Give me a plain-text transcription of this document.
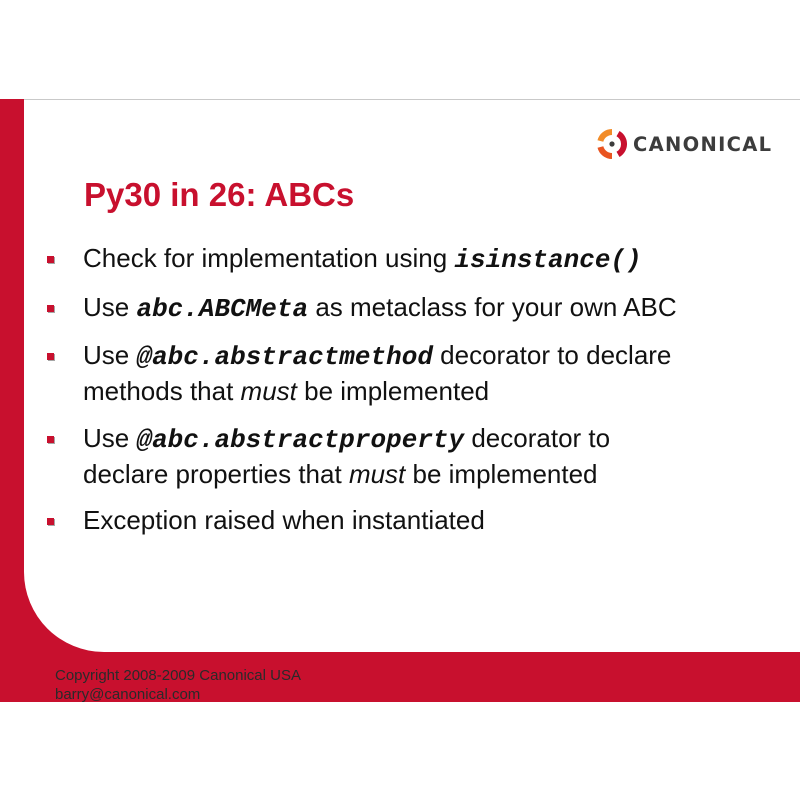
CANONICAL
Py30 in 26: ABCs
Check for implementation using isinstance()
Use abc.ABCMeta as metaclass for your own ABC
Use @abc.abstractmethod decorator to declare
methods that must be implemented
Use @abc.abstractproperty decorator to
declare properties that must be implemented
Exception raised when instantiated
Copyright 2008-2009 Canonical USA
barry@canonical.com
